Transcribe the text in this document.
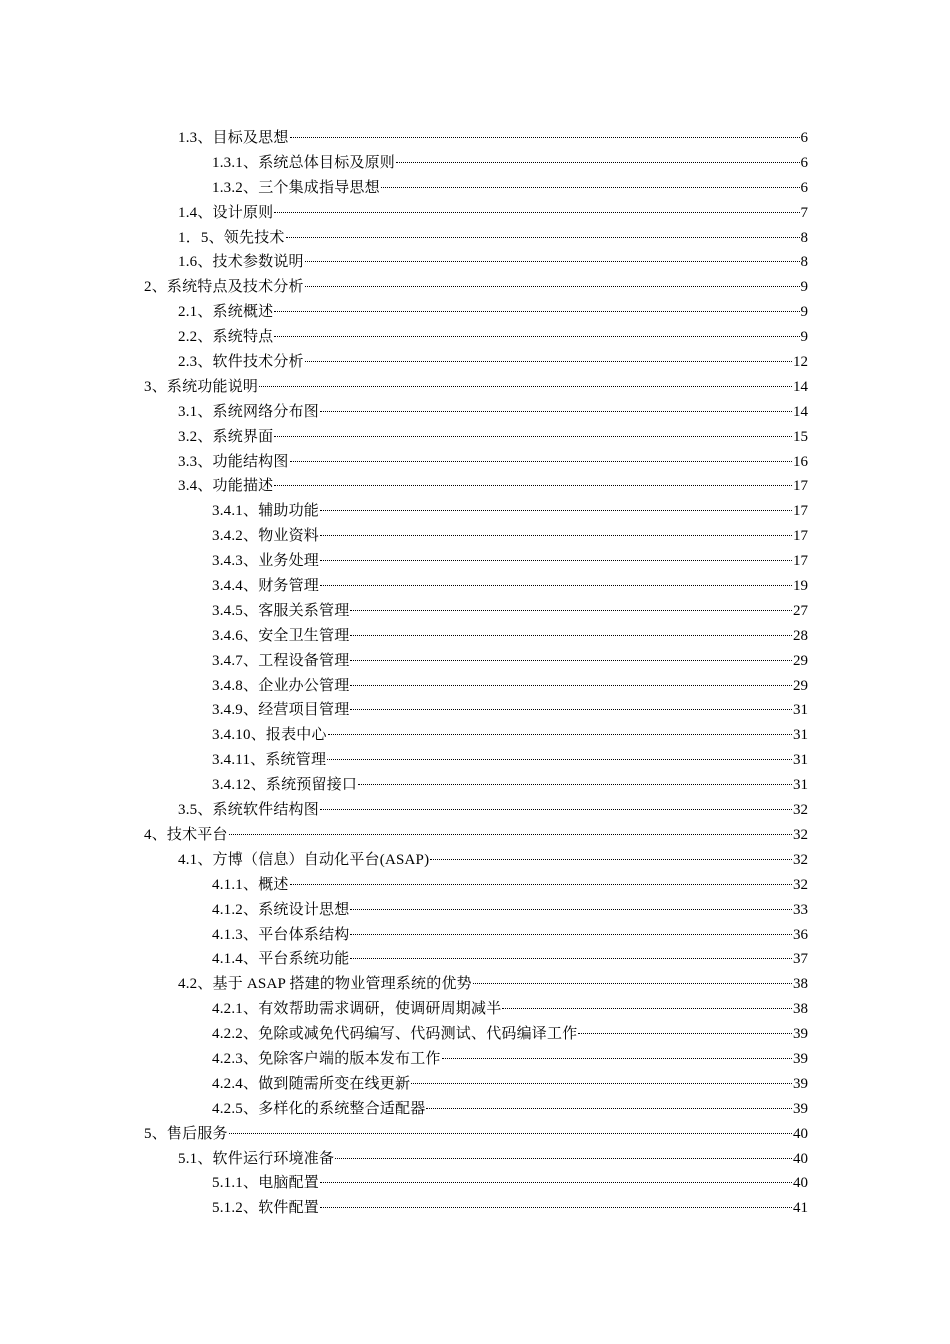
1.3、目标及思想	6
1.3.1、系统总体目标及原则	6
1.3.2、三个集成指导思想	6
1.4、设计原则	7
1．5、领先技术	8
1.6、技术参数说明	8
2、系统特点及技术分析	9
2.1、系统概述	9
2.2、系统特点	9
2.3、软件技术分析	12
3、系统功能说明	14
3.1、系统网络分布图	14
3.2、系统界面	15
3.3、功能结构图	16
3.4、功能描述	17
3.4.1、辅助功能	17
3.4.2、物业资料	17
3.4.3、业务处理	17
3.4.4、财务管理	19
3.4.5、客服关系管理	27
3.4.6、安全卫生管理	28
3.4.7、工程设备管理	29
3.4.8、企业办公管理	29
3.4.9、经营项目管理	31
3.4.10、报表中心	31
3.4.11、系统管理	31
3.4.12、系统预留接口	31
3.5、系统软件结构图	32
4、技术平台	32
4.1、方博（信息）自动化平台(ASAP)	32
4.1.1、概述	32
4.1.2、系统设计思想	33
4.1.3、平台体系结构	36
4.1.4、平台系统功能	37
4.2、基于 ASAP 搭建的物业管理系统的优势	38
4.2.1、有效帮助需求调研，使调研周期减半	38
4.2.2、免除或减免代码编写、代码测试、代码编译工作	39
4.2.3、免除客户端的版本发布工作	39
4.2.4、做到随需所变在线更新	39
4.2.5、多样化的系统整合适配器	39
5、售后服务	40
5.1、软件运行环境准备	40
5.1.1、电脑配置	40
5.1.2、软件配置	41
